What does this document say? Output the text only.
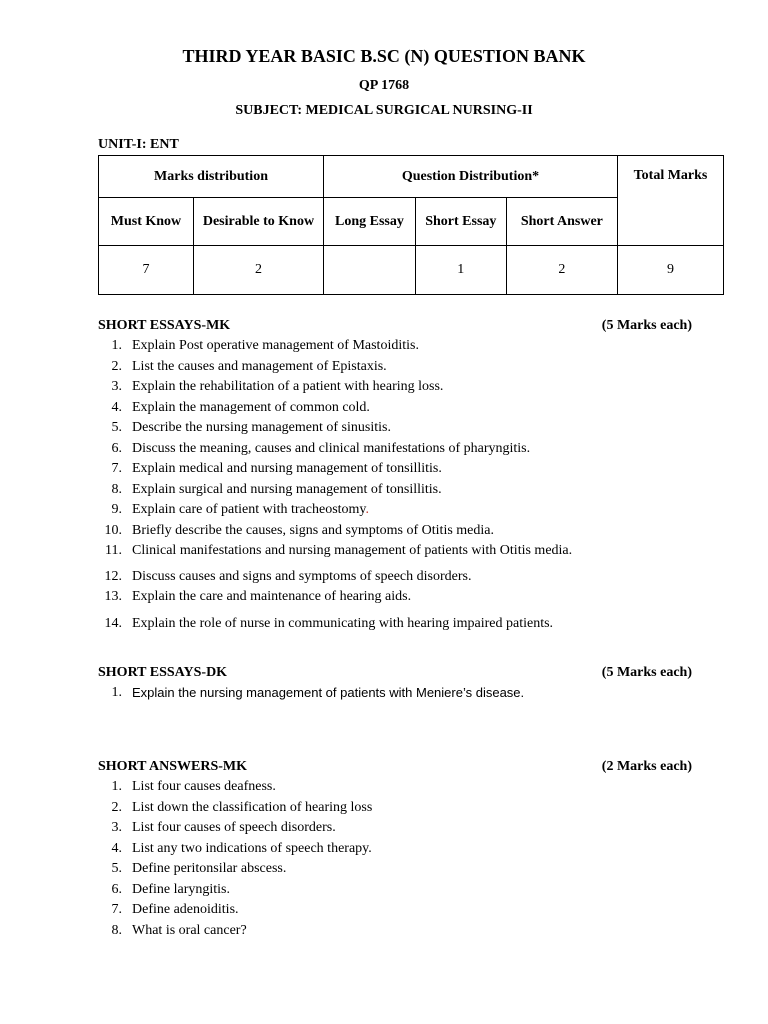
THIRD YEAR BASIC B.SC (N) QUESTION BANK
QP 1768
SUBJECT: MEDICAL SURGICAL NURSING-II
UNIT-I: ENT
Marks distribution		Question Distribution*			Total Marks
Must Know	Desirable to Know	Long Essay	Short Essay	Short Answer	
7	2		1	2	9
SHORT ESSAYS-MK	(5 Marks each)
1. Explain Post operative management of Mastoiditis.
2. List the causes and management of Epistaxis.
3. Explain the rehabilitation of a patient with hearing loss.
4. Explain the management of common cold.
5. Describe the nursing management of sinusitis.
6. Discuss the meaning, causes and clinical manifestations of pharyngitis.
7. Explain medical and nursing management of tonsillitis.
8. Explain surgical and nursing management of tonsillitis.
9. Explain care of patient with tracheostomy.
10. Briefly describe the causes, signs and symptoms of Otitis media.
11. Clinical manifestations and nursing management of patients with Otitis media.
12. Discuss causes and signs and symptoms of speech disorders.
13. Explain the care and maintenance of hearing aids.
14. Explain the role of nurse in communicating with hearing impaired patients.
SHORT ESSAYS-DK	(5 Marks each)
1. Explain the nursing management of patients with Meniere’s disease.
SHORT ANSWERS-MK	(2 Marks each)
1. List four causes deafness.
2. List down the classification of hearing loss
3. List four causes of speech disorders.
4. List any two indications of speech therapy.
5. Define peritonsilar abscess.
6. Define laryngitis.
7. Define adenoiditis.
8. What is oral cancer?
